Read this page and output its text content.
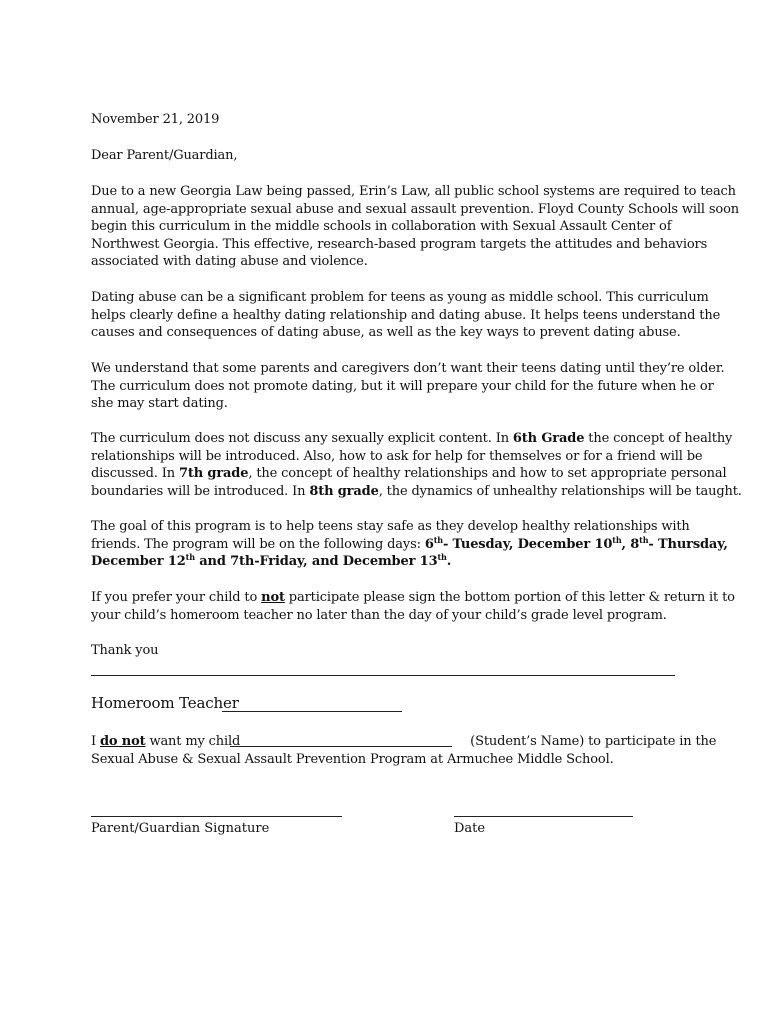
November 21, 2019
Dear Parent/Guardian,
Due to a new Georgia Law being passed, Erin’s Law, all public school systems are required to teach
annual, age-appropriate sexual abuse and sexual assault prevention. Floyd County Schools will soon
begin this curriculum in the middle schools in collaboration with Sexual Assault Center of
Northwest Georgia. This effective, research-based program targets the attitudes and behaviors
associated with dating abuse and violence.
Dating abuse can be a significant problem for teens as young as middle school. This curriculum
helps clearly define a healthy dating relationship and dating abuse. It helps teens understand the
causes and consequences of dating abuse, as well as the key ways to prevent dating abuse.
We understand that some parents and caregivers don’t want their teens dating until they’re older.
The curriculum does not promote dating, but it will prepare your child for the future when he or
she may start dating.
The curriculum does not discuss any sexually explicit content. In 6th Grade the concept of healthy
relationships will be introduced. Also, how to ask for help for themselves or for a friend will be
discussed. In 7th grade, the concept of healthy relationships and how to set appropriate personal
boundaries will be introduced. In 8th grade, the dynamics of unhealthy relationships will be taught.
The goal of this program is to help teens stay safe as they develop healthy relationships with
friends. The program will be on the following days: 6th- Tuesday, December 10th, 8th- Thursday,
December 12th and 7th-Friday, and December 13th.
If you prefer your child to not participate please sign the bottom portion of this letter & return it to
your child’s homeroom teacher no later than the day of your child’s grade level program.
Thank you
Homeroom Teacher
I do not want my child	(Student’s Name) to participate in the
Sexual Abuse & Sexual Assault Prevention Program at Armuchee Middle School.
Parent/Guardian Signature	Date
